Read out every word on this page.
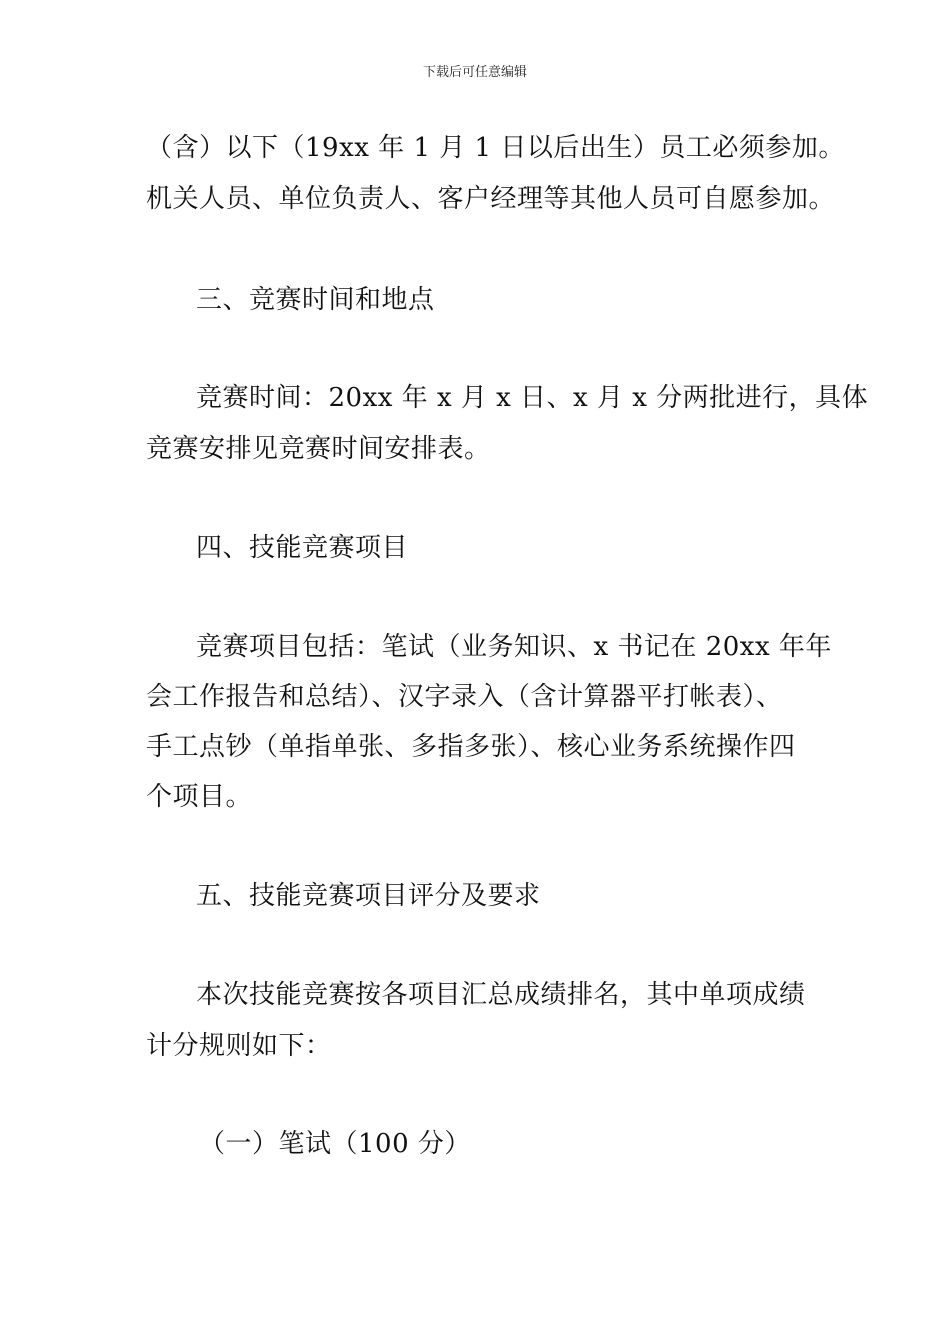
下载后可任意编辑
（含）以下（19xx 年 1 月 1 日以后出生）员工必须参加。
机关人员、单位负责人、客户经理等其他人员可自愿参加。
三、竞赛时间和地点
竞赛时间：20xx 年 x 月 x 日、x 月 x 分两批进行，具体
竞赛安排见竞赛时间安排表。
四、技能竞赛项目
竞赛项目包括：笔试（业务知识、x 书记在 20xx 年年
会工作报告和总结）、汉字录入（含计算器平打帐表）、
手工点钞（单指单张、多指多张）、核心业务系统操作四
个项目。
五、技能竞赛项目评分及要求
本次技能竞赛按各项目汇总成绩排名，其中单项成绩
计分规则如下：
（一）笔试（100 分）
